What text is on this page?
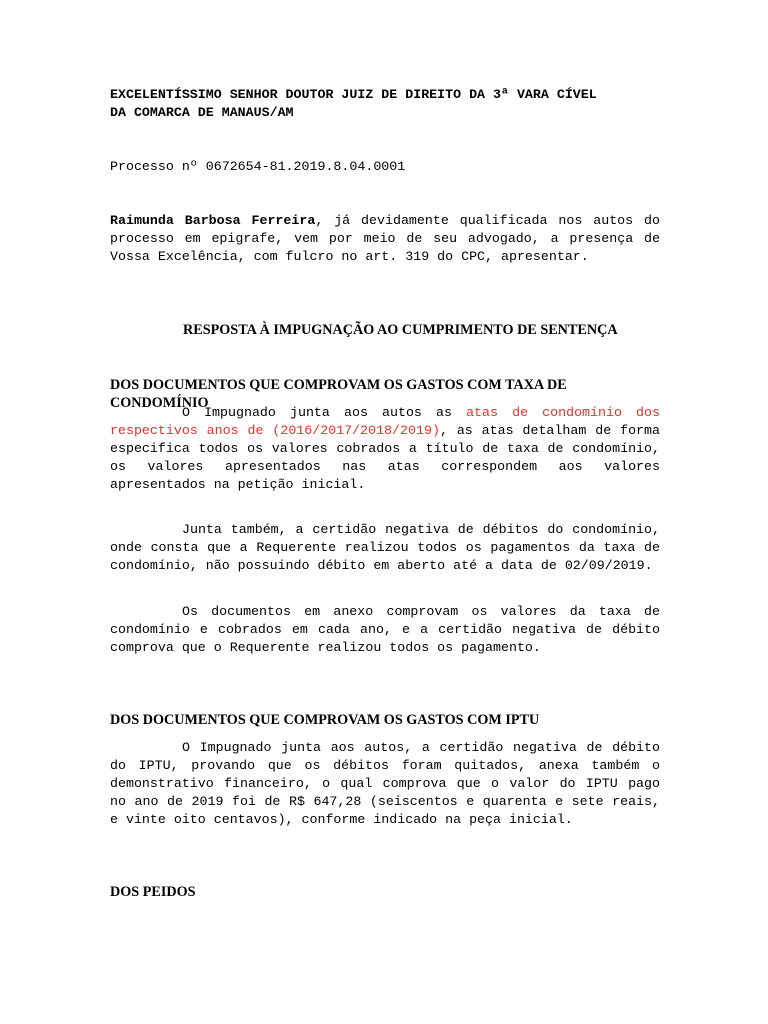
EXCELENTÍSSIMO SENHOR DOUTOR JUIZ DE DIREITO DA 3ª VARA CÍVEL
DA COMARCA DE MANAUS/AM
Processo nº 0672654-81.2019.8.04.0001

Raimunda Barbosa Ferreira, já devidamente qualificada nos autos do processo em epigrafe, vem por meio de seu advogado, a presença de Vossa Excelência, com fulcro no art. 319 do CPC, apresentar.

RESPOSTA À IMPUGNAÇÃO AO CUMPRIMENTO DE SENTENÇA
DOS DOCUMENTOS QUE COMPROVAM OS GASTOS COM TAXA DE CONDOMÍNIO

O Impugnado junta aos autos as atas de condomínio dos respectivos anos de (2016/2017/2018/2019), as atas detalham de forma especifica todos os valores cobrados a título de taxa de condomínio, os valores apresentados nas atas correspondem aos valores apresentados na petição inicial.

Junta também, a certidão negativa de débitos do condomínio, onde consta que a Requerente realizou todos os pagamentos da taxa de condomínio, não possuindo débito em aberto até a data de 02/09/2019.

Os documentos em anexo comprovam os valores da taxa de condomínio e cobrados em cada ano, e a certidão negativa de débito comprova que o Requerente realizou todos os pagamento.

DOS DOCUMENTOS QUE COMPROVAM OS GASTOS COM IPTU

O Impugnado junta aos autos, a certidão negativa de débito do IPTU, provando que os débitos foram quitados, anexa também o demonstrativo financeiro, o qual comprova que o valor do IPTU pago no ano de 2019 foi de R$ 647,28 (seiscentos e quarenta e sete reais, e vinte oito centavos), conforme indicado na peça inicial.

DOS PEIDOS
